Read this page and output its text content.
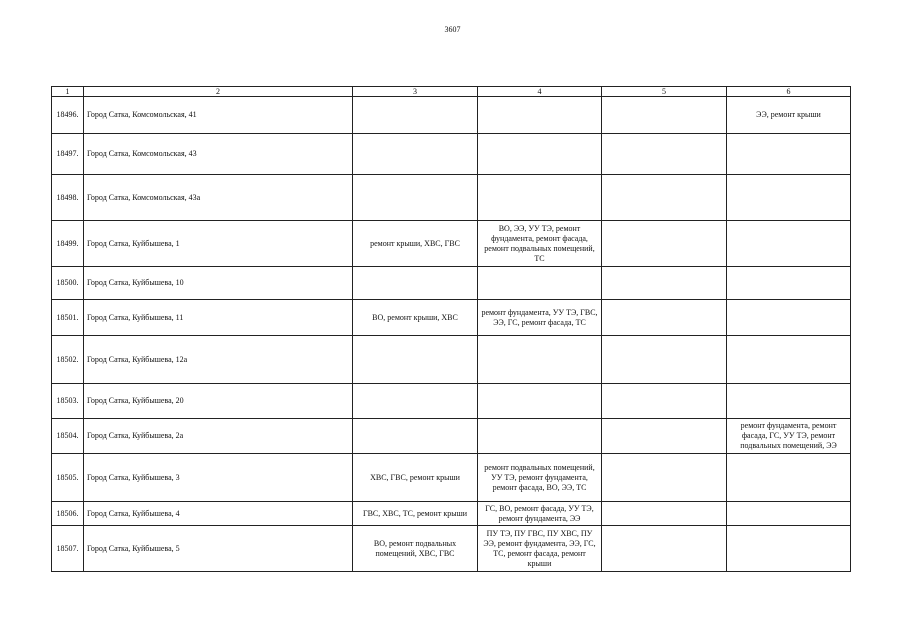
3607
1	2	3	4	5	6
18496.	Город Сатка, Комсомольская, 41				ЭЭ, ремонт крыши
18497.	Город Сатка, Комсомольская, 43				
18498.	Город Сатка, Комсомольская, 43а				
18499.	Город Сатка, Куйбышева, 1	ремонт крыши, ХВС, ГВС	ВО, ЭЭ, УУ ТЭ, ремонт фундамента, ремонт фасада, ремонт подвальных помещений, ТС		
18500.	Город Сатка, Куйбышева, 10				
18501.	Город Сатка, Куйбышева, 11	ВО, ремонт крыши, ХВС	ремонт фундамента, УУ ТЭ, ГВС, ЭЭ, ГС, ремонт фасада, ТС		
18502.	Город Сатка, Куйбышева, 12а				
18503.	Город Сатка, Куйбышева, 20				
18504.	Город Сатка, Куйбышева, 2а				ремонт фундамента, ремонт фасада, ГС, УУ ТЭ, ремонт подвальных помещений, ЭЭ
18505.	Город Сатка, Куйбышева, 3	ХВС, ГВС, ремонт крыши	ремонт подвальных помещений, УУ ТЭ, ремонт фундамента, ремонт фасада, ВО, ЭЭ, ТС		
18506.	Город Сатка, Куйбышева, 4	ГВС, ХВС, ТС, ремонт крыши	ГС, ВО, ремонт фасада, УУ ТЭ, ремонт фундамента, ЭЭ		
18507.	Город Сатка, Куйбышева, 5	ВО, ремонт подвальных помещений, ХВС, ГВС	ПУ ТЭ, ПУ ГВС, ПУ ХВС, ПУ ЭЭ, ремонт фундамента, ЭЭ, ГС, ТС, ремонт фасада, ремонт крыши		
